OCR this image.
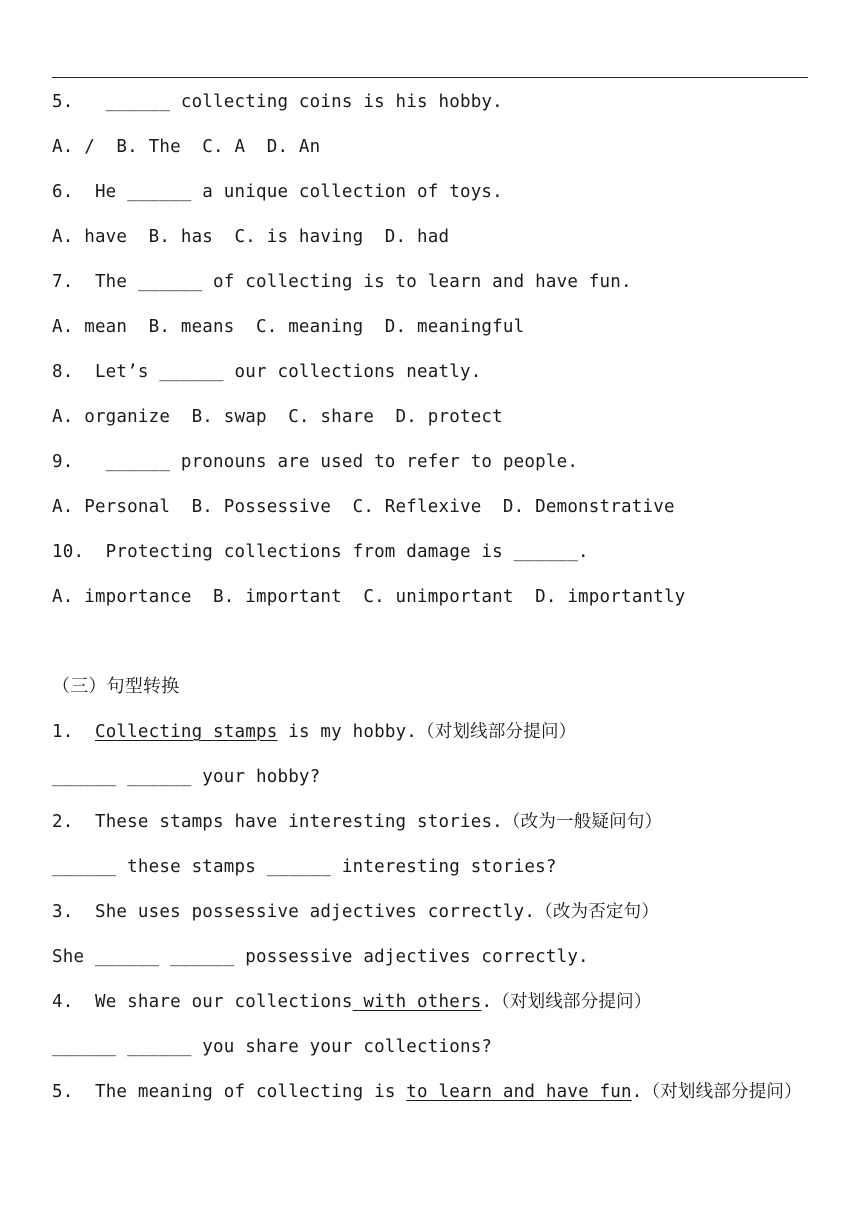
5.   ______ collecting coins is his hobby.
A. /  B. The  C. A  D. An
6.  He ______ a unique collection of toys.
A. have  B. has  C. is having  D. had
7.  The ______ of collecting is to learn and have fun.
A. mean  B. means  C. meaning  D. meaningful
8.  Let’s ______ our collections neatly.
A. organize  B. swap  C. share  D. protect
9.   ______ pronouns are used to refer to people.
A. Personal  B. Possessive  C. Reflexive  D. Demonstrative
10.  Protecting collections from damage is ______.
A. importance  B. important  C. unimportant  D. importantly
（三）句型转换
1.  Collecting stamps is my hobby.（对划线部分提问）
______ ______ your hobby?
2.  These stamps have interesting stories.（改为一般疑问句）
______ these stamps ______ interesting stories?
3.  She uses possessive adjectives correctly.（改为否定句）
She ______ ______ possessive adjectives correctly.
4.  We share our collections with others.（对划线部分提问）
______ ______ you share your collections?
5.  The meaning of collecting is to learn and have fun.（对划线部分提问）
